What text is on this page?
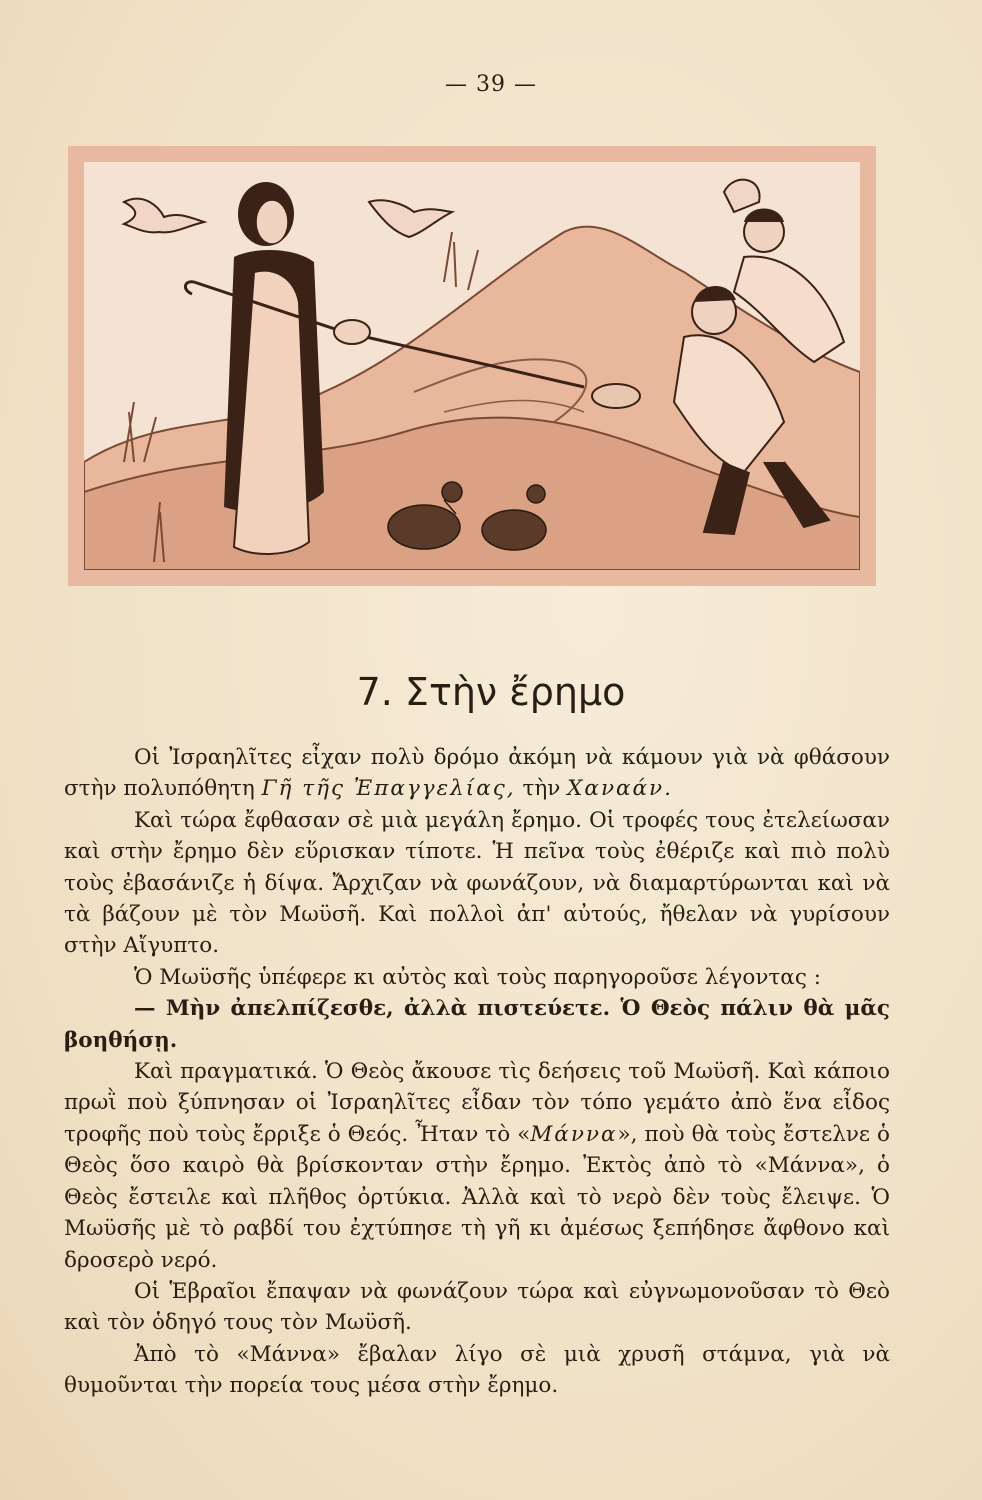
— 39 —
7. Στὴν ἔρημο

Οἱ Ἰσραηλῖτες εἶχαν πολὺ δρόμο ἀκόμη νὰ κάμουν γιὰ νὰ φθάσουν στὴν πολυπόθητη Γῆ τῆς Ἐπαγγελίας, τὴν Χαναάν.

Καὶ τώρα ἔφθασαν σὲ μιὰ μεγάλη ἔρημο. Οἱ τροφές τους ἐτελείωσαν καὶ στὴν ἔρημο δὲν εὕρισκαν τίποτε. Ἡ πεῖνα τοὺς ἐθέριζε καὶ πιὸ πολὺ τοὺς ἐβασάνιζε ἡ δίψα. Ἄρχιζαν νὰ φωνάζουν, νὰ διαμαρτύρωνται καὶ νὰ τὰ βάζουν μὲ τὸν Μωϋσῆ. Καὶ πολλοὶ ἀπ' αὐτούς, ἤθελαν νὰ γυρίσουν στὴν Αἴγυπτο.

Ὁ Μωϋσῆς ὑπέφερε κι αὐτὸς καὶ τοὺς παρηγοροῦσε λέγοντας :

— Μὴν ἀπελπίζεσθε, ἀλλὰ πιστεύετε. Ὁ Θεὸς πάλιν θὰ μᾶς βοηθήσῃ.

Καὶ πραγματικά. Ὁ Θεὸς ἄκουσε τὶς δεήσεις τοῦ Μωϋσῆ. Καὶ κάποιο πρωῒ ποὺ ξύπνησαν οἱ Ἰσραηλῖτες εἶδαν τὸν τόπο γεμάτο ἀπὸ ἕνα εἶδος τροφῆς ποὺ τοὺς ἔρριξε ὁ Θεός. Ἦταν τὸ «Μάννα», ποὺ θὰ τοὺς ἔστελνε ὁ Θεὸς ὅσο καιρὸ θὰ βρίσκονταν στὴν ἔρημο. Ἐκτὸς ἀπὸ τὸ «Μάννα», ὁ Θεὸς ἔστειλε καὶ πλῆθος ὀρτύκια. Ἀλλὰ καὶ τὸ νερὸ δὲν τοὺς ἔλειψε. Ὁ Μωϋσῆς μὲ τὸ ραβδί του ἐχτύπησε τὴ γῆ κι ἀμέσως ξεπήδησε ἄφθονο καὶ δροσερὸ νερό.

Οἱ Ἑβραῖοι ἔπαψαν νὰ φωνάζουν τώρα καὶ εὐγνωμονοῦσαν τὸ Θεὸ καὶ τὸν ὁδηγό τους τὸν Μωϋσῆ.

Ἀπὸ τὸ «Μάννα» ἔβαλαν λίγο σὲ μιὰ χρυσῆ στάμνα, γιὰ νὰ θυμοῦνται τὴν πορεία τους μέσα στὴν ἔρημο.
